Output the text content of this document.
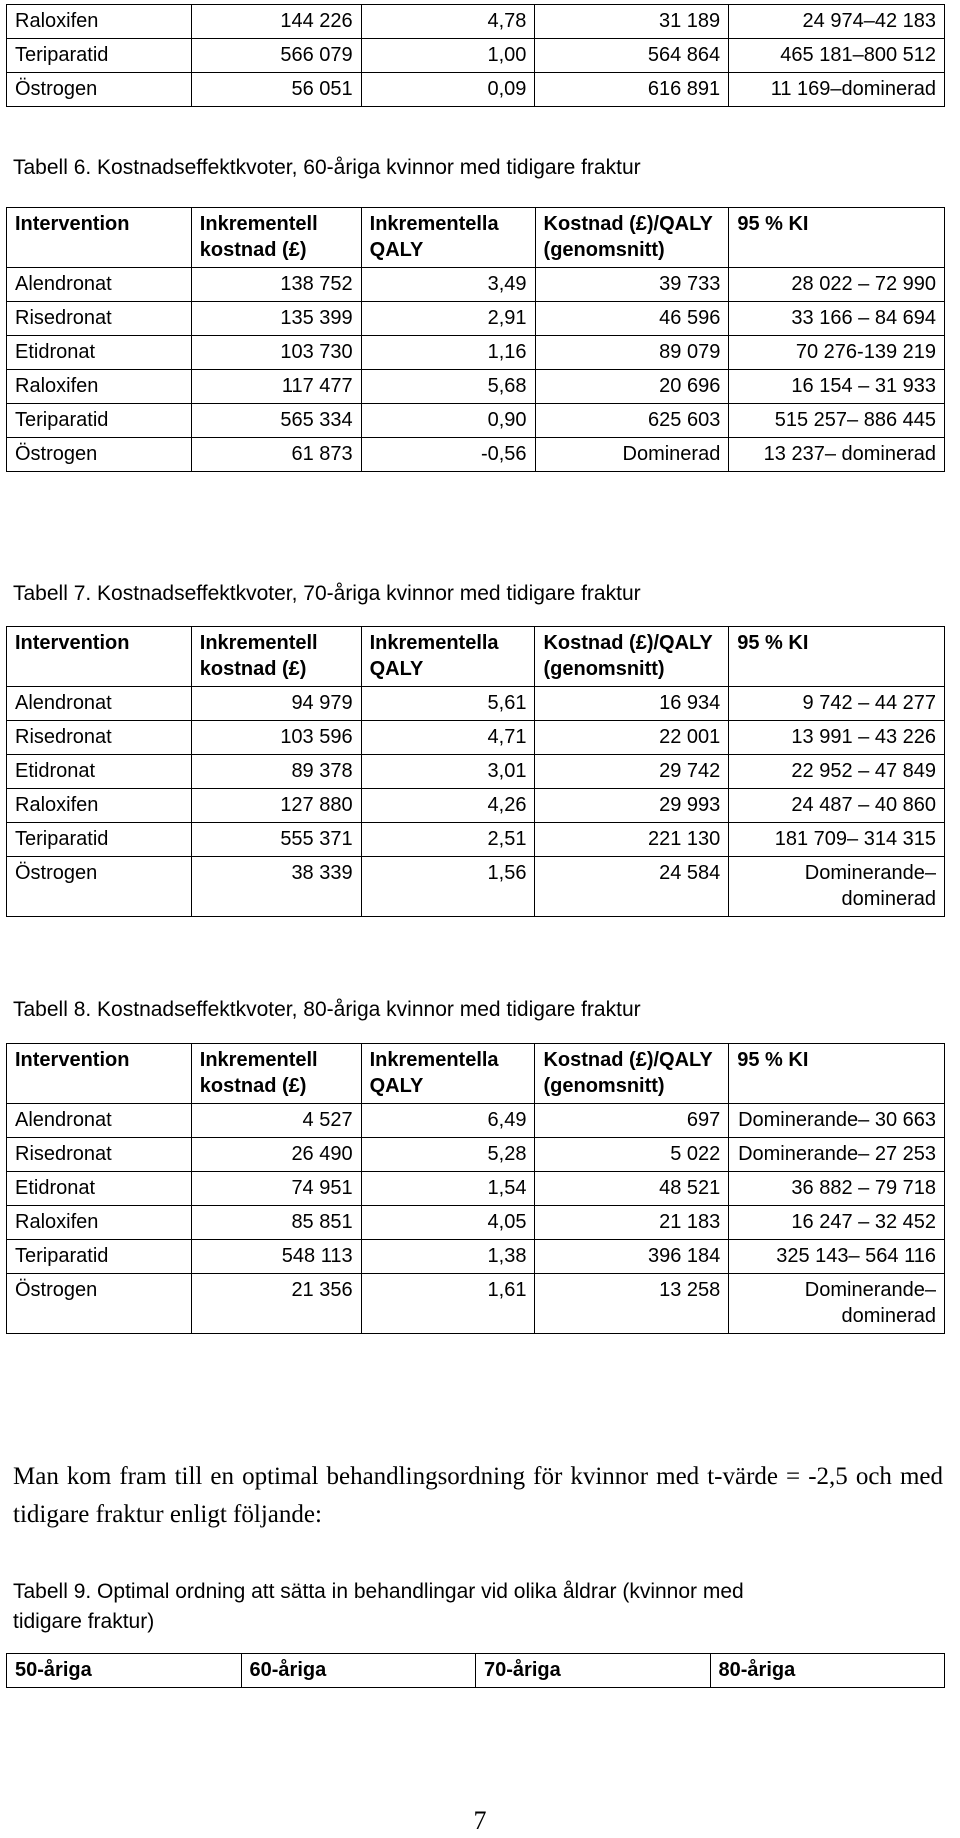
Raloxifen	144 226	4,78	31 189	24 974–42 183
Teriparatid	566 079	1,00	564 864	465 181–800 512
Östrogen	56 051	0,09	616 891	11 169–dominerad
Tabell 6. Kostnadseffektkvoter, 60-åriga kvinnor med tidigare fraktur
Intervention	Inkrementell kostnad (£)	Inkrementella QALY	Kostnad (£)/QALY (genomsnitt)	95 % KI
Alendronat	138 752	3,49	39 733	28 022 – 72 990
Risedronat	135 399	2,91	46 596	33 166 – 84 694
Etidronat	103 730	1,16	89 079	70 276-139 219
Raloxifen	117 477	5,68	20 696	16 154 – 31 933
Teriparatid	565 334	0,90	625 603	515 257– 886 445
Östrogen	61 873	-0,56	Dominerad	13 237– dominerad
Tabell 7. Kostnadseffektkvoter, 70-åriga kvinnor med tidigare fraktur
Intervention	Inkrementell kostnad (£)	Inkrementella QALY	Kostnad (£)/QALY (genomsnitt)	95 % KI
Alendronat	94 979	5,61	16 934	9 742 – 44 277
Risedronat	103 596	4,71	22 001	13 991 – 43 226
Etidronat	89 378	3,01	29 742	22 952 – 47 849
Raloxifen	127 880	4,26	29 993	24 487 – 40 860
Teriparatid	555 371	2,51	221 130	181 709– 314 315
Östrogen	38 339	1,56	24 584	Dominerande– dominerad
Tabell 8. Kostnadseffektkvoter, 80-åriga kvinnor med tidigare fraktur
Intervention	Inkrementell kostnad (£)	Inkrementella QALY	Kostnad (£)/QALY (genomsnitt)	95 % KI
Alendronat	4 527	6,49	697	Dominerande– 30 663
Risedronat	26 490	5,28	5 022	Dominerande– 27 253
Etidronat	74 951	1,54	48 521	36 882 – 79 718
Raloxifen	85 851	4,05	21 183	16 247 – 32 452
Teriparatid	548 113	1,38	396 184	325 143– 564 116
Östrogen	21 356	1,61	13 258	Dominerande– dominerad
Man kom fram till en optimal behandlingsordning för kvinnor med t-värde = -2,5 och med tidigare fraktur enligt följande:
Tabell 9. Optimal ordning att sätta in behandlingar vid olika åldrar (kvinnor med
tidigare fraktur)
50-åriga	60-åriga	70-åriga	80-åriga
7
